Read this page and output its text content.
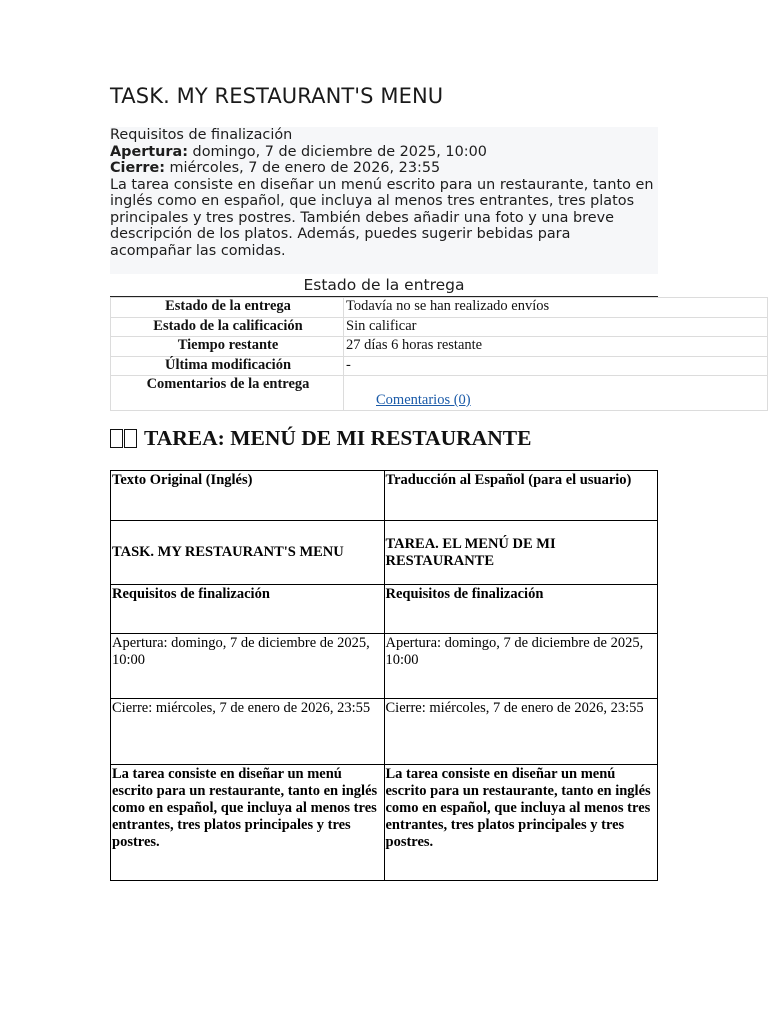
TASK. MY RESTAURANT'S MENU
Requisitos de finalización
Apertura: domingo, 7 de diciembre de 2025, 10:00
Cierre: miércoles, 7 de enero de 2026, 23:55
La tarea consiste en diseñar un menú escrito para un restaurante, tanto en inglés como en español, que incluya al menos tres entrantes, tres platos principales y tres postres. También debes añadir una foto y una breve descripción de los platos. Además, puedes sugerir bebidas para acompañar las comidas.
Estado de la entrega
Estado de la entrega	Todavía no se han realizado envíos
Estado de la calificación	Sin calificar
Tiempo restante	27 días 6 horas restante
Última modificación	-
Comentarios de la entrega	Comentarios (0)
TAREA: MENÚ DE MI RESTAURANTE
Texto Original (Inglés)	Traducción al Español (para el usuario)
TASK. MY RESTAURANT'S MENU	TAREA. EL MENÚ DE MI RESTAURANTE
Requisitos de finalización	Requisitos de finalización
Apertura: domingo, 7 de diciembre de 2025, 10:00	Apertura: domingo, 7 de diciembre de 2025, 10:00
Cierre: miércoles, 7 de enero de 2026, 23:55	Cierre: miércoles, 7 de enero de 2026, 23:55
La tarea consiste en diseñar un menú escrito para un restaurante, tanto en inglés como en español, que incluya al menos tres entrantes, tres platos principales y tres postres.	La tarea consiste en diseñar un menú escrito para un restaurante, tanto en inglés como en español, que incluya al menos tres entrantes, tres platos principales y tres postres.
